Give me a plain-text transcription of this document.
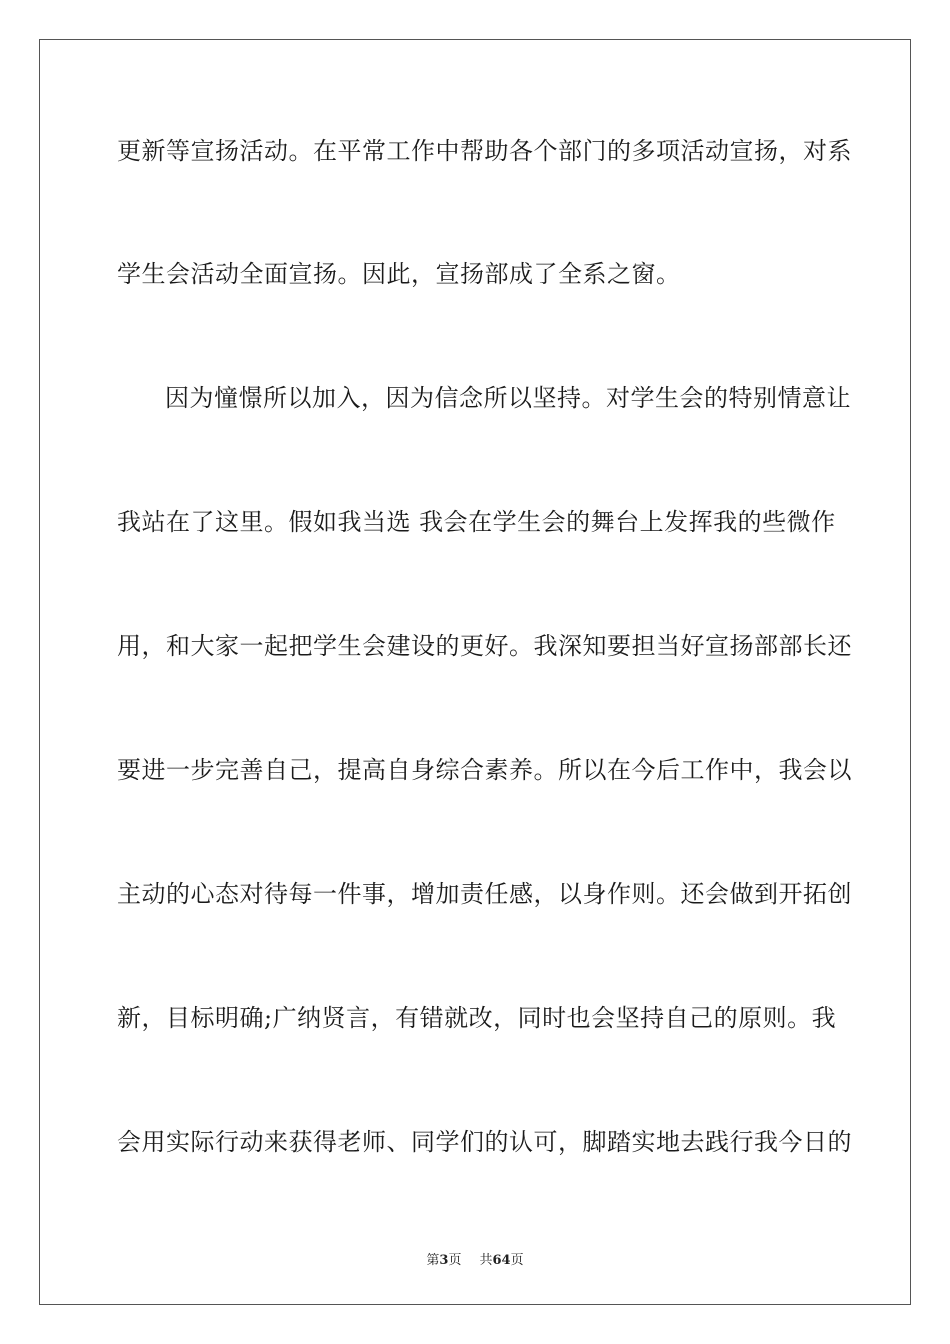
更新等宣扬活动。在平常工作中帮助各个部门的多项活动宣扬，对系
学生会活动全面宣扬。因此，宣扬部成了全系之窗。
因为憧憬所以加入，因为信念所以坚持。对学生会的特别情意让
我站在了这里。假如我当选 我会在学生会的舞台上发挥我的些微作
用，和大家一起把学生会建设的更好。我深知要担当好宣扬部部长还
要进一步完善自己，提高自身综合素养。所以在今后工作中，我会以
主动的心态对待每一件事，增加责任感，以身作则。还会做到开拓创
新，目标明确;广纳贤言，有错就改，同时也会坚持自己的原则。我
会用实际行动来获得老师、同学们的认可，脚踏实地去践行我今日的
第3页 共64页
